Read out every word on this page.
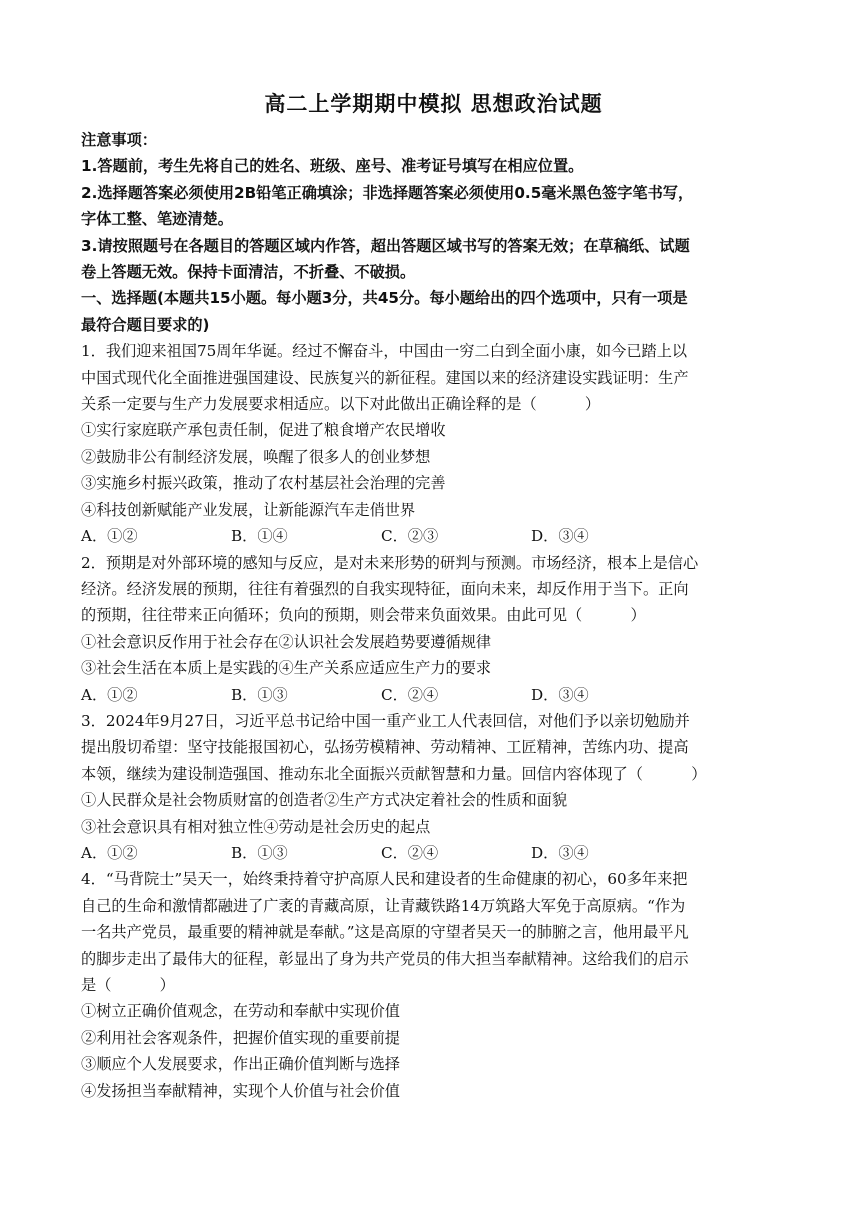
高二上学期期中模拟 思想政治试题
注意事项：
1.答题前，考生先将自己的姓名、班级、座号、准考证号填写在相应位置。
2.选择题答案必须使用2B铅笔正确填涂；非选择题答案必须使用0.5毫米黑色签字笔书写，
字体工整、笔迹清楚。
3.请按照题号在各题目的答题区域内作答，超出答题区域书写的答案无效；在草稿纸、试题
卷上答题无效。保持卡面清洁，不折叠、不破损。
一、选择题(本题共15小题。每小题3分，共45分。每小题给出的四个选项中，只有一项是
最符合题目要求的)
1．我们迎来祖国75周年华诞。经过不懈奋斗，中国由一穷二白到全面小康，如今已踏上以
中国式现代化全面推进强国建设、民族复兴的新征程。建国以来的经济建设实践证明：生产
关系一定要与生产力发展要求相适应。以下对此做出正确诠释的是（          ）
①实行家庭联产承包责任制，促进了粮食增产农民增收
②鼓励非公有制经济发展，唤醒了很多人的创业梦想
③实施乡村振兴政策，推动了农村基层社会治理的完善
④科技创新赋能产业发展，让新能源汽车走俏世界
A．①②	B．①④	C．②③	D．③④
2．预期是对外部环境的感知与反应，是对未来形势的研判与预测。市场经济，根本上是信心
经济。经济发展的预期，往往有着强烈的自我实现特征，面向未来，却反作用于当下。正向
的预期，往往带来正向循环；负向的预期，则会带来负面效果。由此可见（          ）
①社会意识反作用于社会存在②认识社会发展趋势要遵循规律
③社会生活在本质上是实践的④生产关系应适应生产力的要求
A．①②	B．①③	C．②④	D．③④
3．2024年9月27日，习近平总书记给中国一重产业工人代表回信，对他们予以亲切勉励并
提出殷切希望：坚守技能报国初心，弘扬劳模精神、劳动精神、工匠精神，苦练内功、提高
本领，继续为建设制造强国、推动东北全面振兴贡献智慧和力量。回信内容体现了（          ）
①人民群众是社会物质财富的创造者②生产方式决定着社会的性质和面貌
③社会意识具有相对独立性④劳动是社会历史的起点
A．①②	B．①③	C．②④	D．③④
4．“马背院士”吴天一，始终秉持着守护高原人民和建设者的生命健康的初心，60多年来把
自己的生命和激情都融进了广袤的青藏高原，让青藏铁路14万筑路大军免于高原病。“作为
一名共产党员，最重要的精神就是奉献。”这是高原的守望者吴天一的肺腑之言，他用最平凡
的脚步走出了最伟大的征程，彰显出了身为共产党员的伟大担当奉献精神。这给我们的启示
是（          ）
①树立正确价值观念，在劳动和奉献中实现价值
②利用社会客观条件，把握价值实现的重要前提
③顺应个人发展要求，作出正确价值判断与选择
④发扬担当奉献精神，实现个人价值与社会价值
